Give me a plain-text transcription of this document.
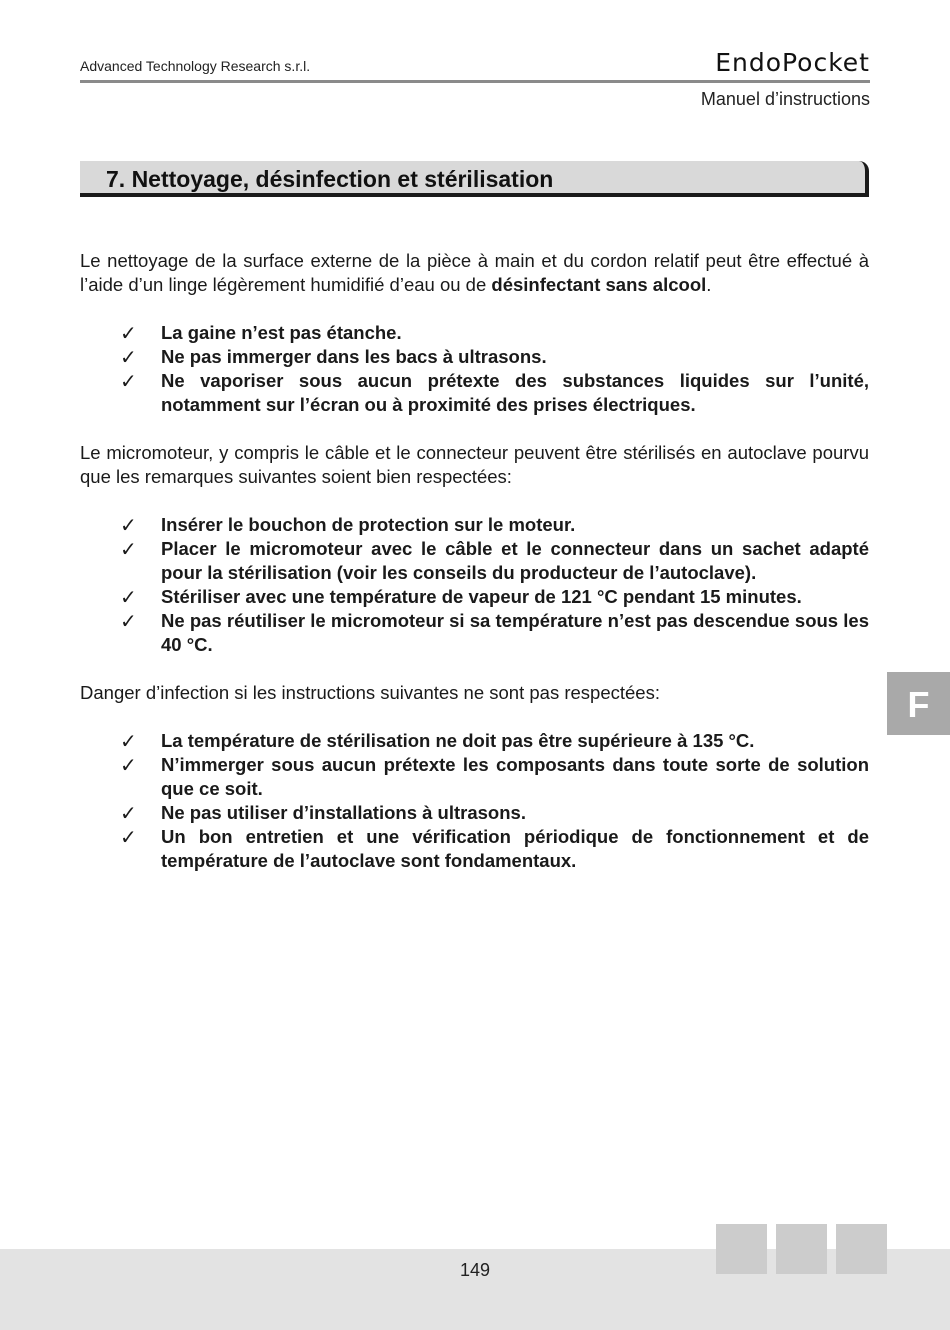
Advanced Technology Research s.r.l.	EndoPocket
Manuel d’instructions
7. Nettoyage, désinfection et stérilisation

Le nettoyage de la surface externe de la pièce à main et du cordon relatif peut être effectué à l’aide d’un linge légèrement humidifié d’eau ou de désinfectant sans alcool.

✓ La gaine n’est pas étanche.
✓ Ne pas immerger dans les bacs à ultrasons.
✓ Ne vaporiser sous aucun prétexte des substances liquides sur l’unité, notamment sur l’écran ou à proximité des prises électriques.

Le micromoteur, y compris le câble et le connecteur peuvent être stérilisés en autoclave pourvu que les remarques suivantes soient bien respectées:

✓ Insérer le bouchon de protection sur le moteur.
✓ Placer le micromoteur avec le câble et le connecteur dans un sachet adapté pour la stérilisation (voir les conseils du producteur de l’autoclave).
✓ Stériliser avec une température de vapeur de 121 °C pendant 15 minutes.
✓ Ne pas réutiliser le micromoteur si sa température n’est pas descendue sous les 40 °C.

Danger d’infection si les instructions suivantes ne sont pas respectées:

✓ La température de stérilisation ne doit pas être supérieure à 135 °C.
✓ N’immerger sous aucun prétexte les composants dans toute sorte de solution que ce soit.
✓ Ne pas utiliser d’installations à ultrasons.
✓ Un bon entretien et une vérification périodique de fonctionnement et de température de l’autoclave sont fondamentaux.
F
149
